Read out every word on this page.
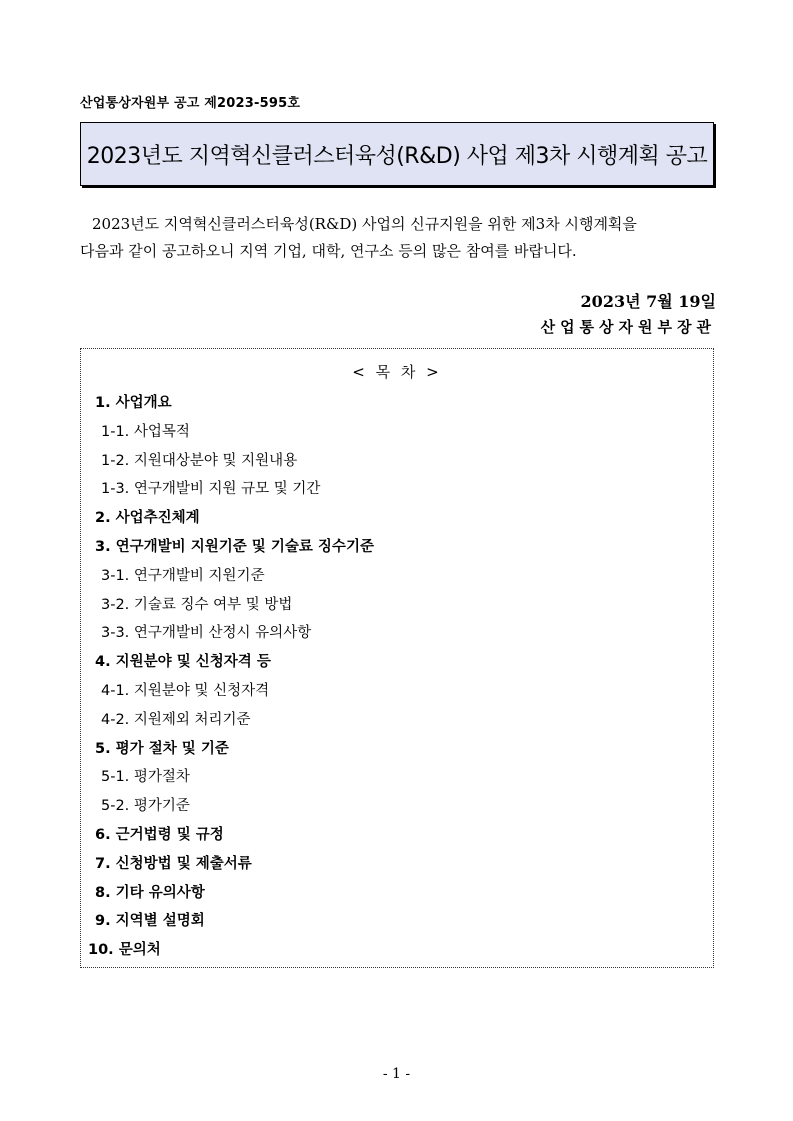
산업통상자원부 공고 제2023-595호
2023년도 지역혁신클러스터육성(R&D) 사업 제3차 시행계획 공고
2023년도 지역혁신클러스터육성(R&D) 사업의 신규지원을 위한 제3차 시행계획을
다음과 같이 공고하오니 지역 기업, 대학, 연구소 등의 많은 참여를 바랍니다.
2023년 7월 19일
산업통상자원부장관
< 목 차 >
1. 사업개요
1-1. 사업목적
1-2. 지원대상분야 및 지원내용
1-3. 연구개발비 지원 규모 및 기간
2. 사업추진체계
3. 연구개발비 지원기준 및 기술료 징수기준
3-1. 연구개발비 지원기준
3-2. 기술료 징수 여부 및 방법
3-3. 연구개발비 산정시 유의사항
4. 지원분야 및 신청자격 등
4-1. 지원분야 및 신청자격
4-2. 지원제외 처리기준
5. 평가 절차 및 기준
5-1. 평가절차
5-2. 평가기준
6. 근거법령 및 규정
7. 신청방법 및 제출서류
8. 기타 유의사항
9. 지역별 설명회
10. 문의처
- 1 -
